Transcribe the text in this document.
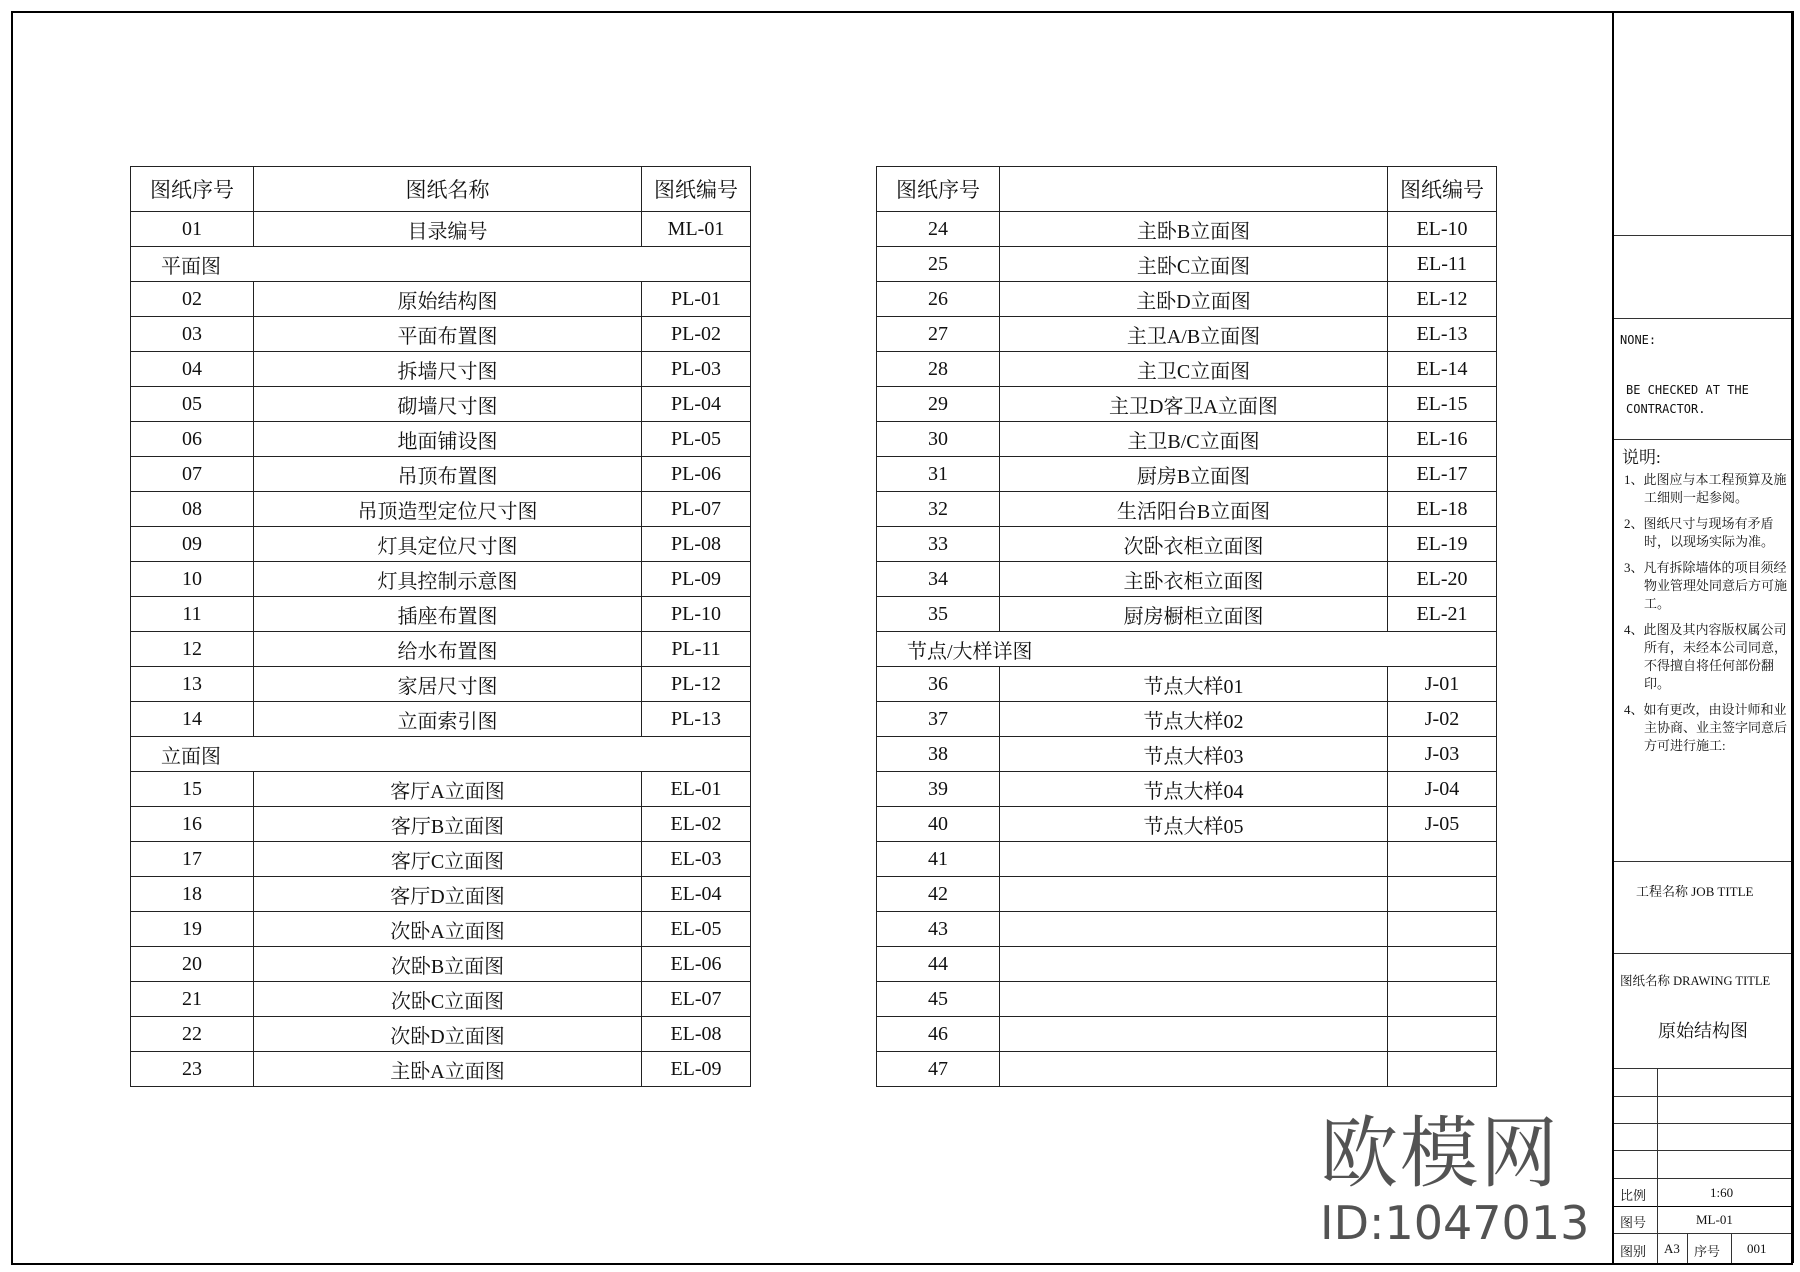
图纸序号	图纸名称	图纸编号
01	目录编号	ML-01
平面图		
02	原始结构图	PL-01
03	平面布置图	PL-02
04	拆墙尺寸图	PL-03
05	砌墙尺寸图	PL-04
06	地面铺设图	PL-05
07	吊顶布置图	PL-06
08	吊顶造型定位尺寸图	PL-07
09	灯具定位尺寸图	PL-08
10	灯具控制示意图	PL-09
11	插座布置图	PL-10
12	给水布置图	PL-11
13	家居尺寸图	PL-12
14	立面索引图	PL-13
立面图		
15	客厅A立面图	EL-01
16	客厅B立面图	EL-02
17	客厅C立面图	EL-03
18	客厅D立面图	EL-04
19	次卧A立面图	EL-05
20	次卧B立面图	EL-06
21	次卧C立面图	EL-07
22	次卧D立面图	EL-08
23	主卧A立面图	EL-09
图纸序号		图纸编号
24	主卧B立面图	EL-10
25	主卧C立面图	EL-11
26	主卧D立面图	EL-12
27	主卫A/B立面图	EL-13
28	主卫C立面图	EL-14
29	主卫D客卫A立面图	EL-15
30	主卫B/C立面图	EL-16
31	厨房B立面图	EL-17
32	生活阳台B立面图	EL-18
33	次卧衣柜立面图	EL-19
34	主卧衣柜立面图	EL-20
35	厨房橱柜立面图	EL-21
节点/大样详图		
36	节点大样01	J-01
37	节点大样02	J-02
38	节点大样03	J-03
39	节点大样04	J-04
40	节点大样05	J-05
41		
42		
43		
44		
45		
46		
47		
NONE:
BE CHECKED AT THE CONTRACTOR.
说明:

1、此图应与本工程预算及施工细则一起参阅。

2、图纸尺寸与现场有矛盾时，以现场实际为准。

3、凡有拆除墙体的项目须经物业管理处同意后方可施工。

4、此图及其内容版权属公司所有，未经本公司同意，不得擅自将任何部份翻印。

4、如有更改，由设计师和业主协商、业主签字同意后方可进行施工:

工程名称 JOB TITLE
图纸名称 DRAWING TITLE
原始结构图
比例	1:60
图号	ML-01
图别 A3 序号 001
欧模网
ID:1047013
